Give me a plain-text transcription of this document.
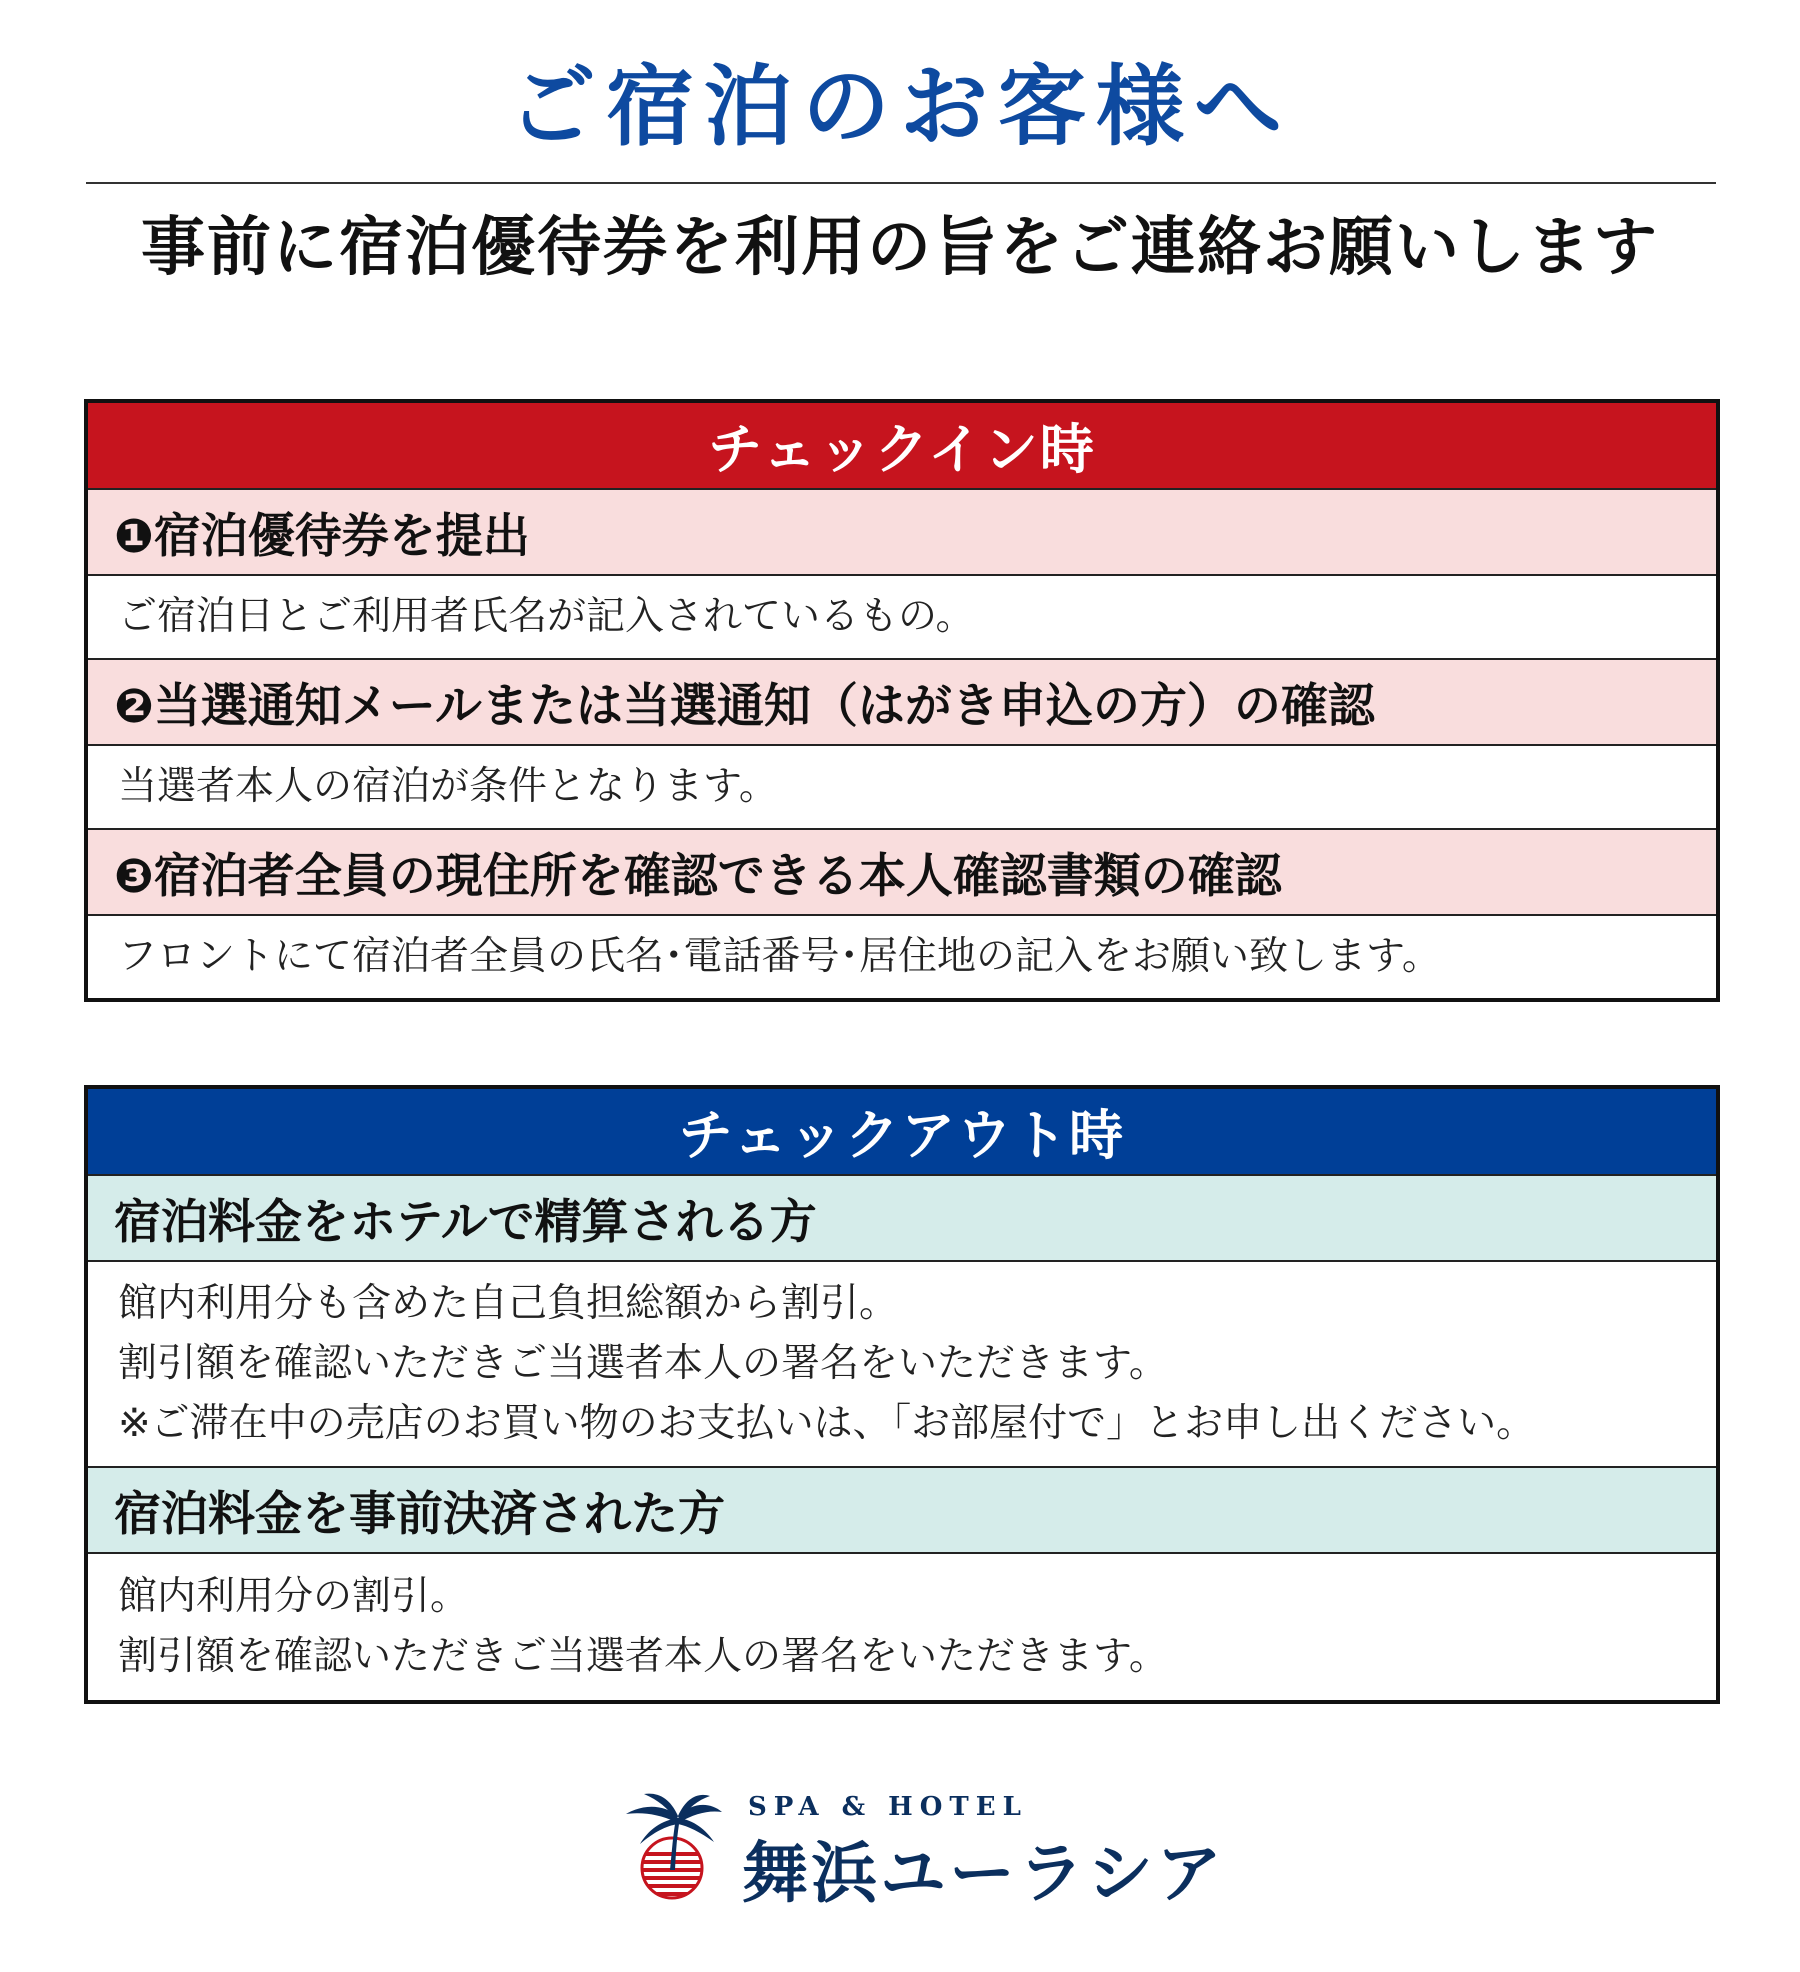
ご宿泊のお客様へ
事前に宿泊優待券を利用の旨をご連絡お願いします
チェックイン時
❶宿泊優待券を提出
ご宿泊日とご利用者氏名が記入されているもの。
❷当選通知メールまたは当選通知（はがき申込の方）の確認
当選者本人の宿泊が条件となります。
❸宿泊者全員の現住所を確認できる本人確認書類の確認
フロントにて宿泊者全員の氏名･電話番号･居住地の記入をお願い致します。
チェックアウト時
宿泊料金をホテルで精算される方
館内利用分も含めた自己負担総額から割引。
割引額を確認いただきご当選者本人の署名をいただきます。
※ご滞在中の売店のお買い物のお支払いは、「お部屋付で」とお申し出ください。
宿泊料金を事前決済された方
館内利用分の割引。
割引額を確認いただきご当選者本人の署名をいただきます。
SPA & HOTEL
舞浜ユーラシア
